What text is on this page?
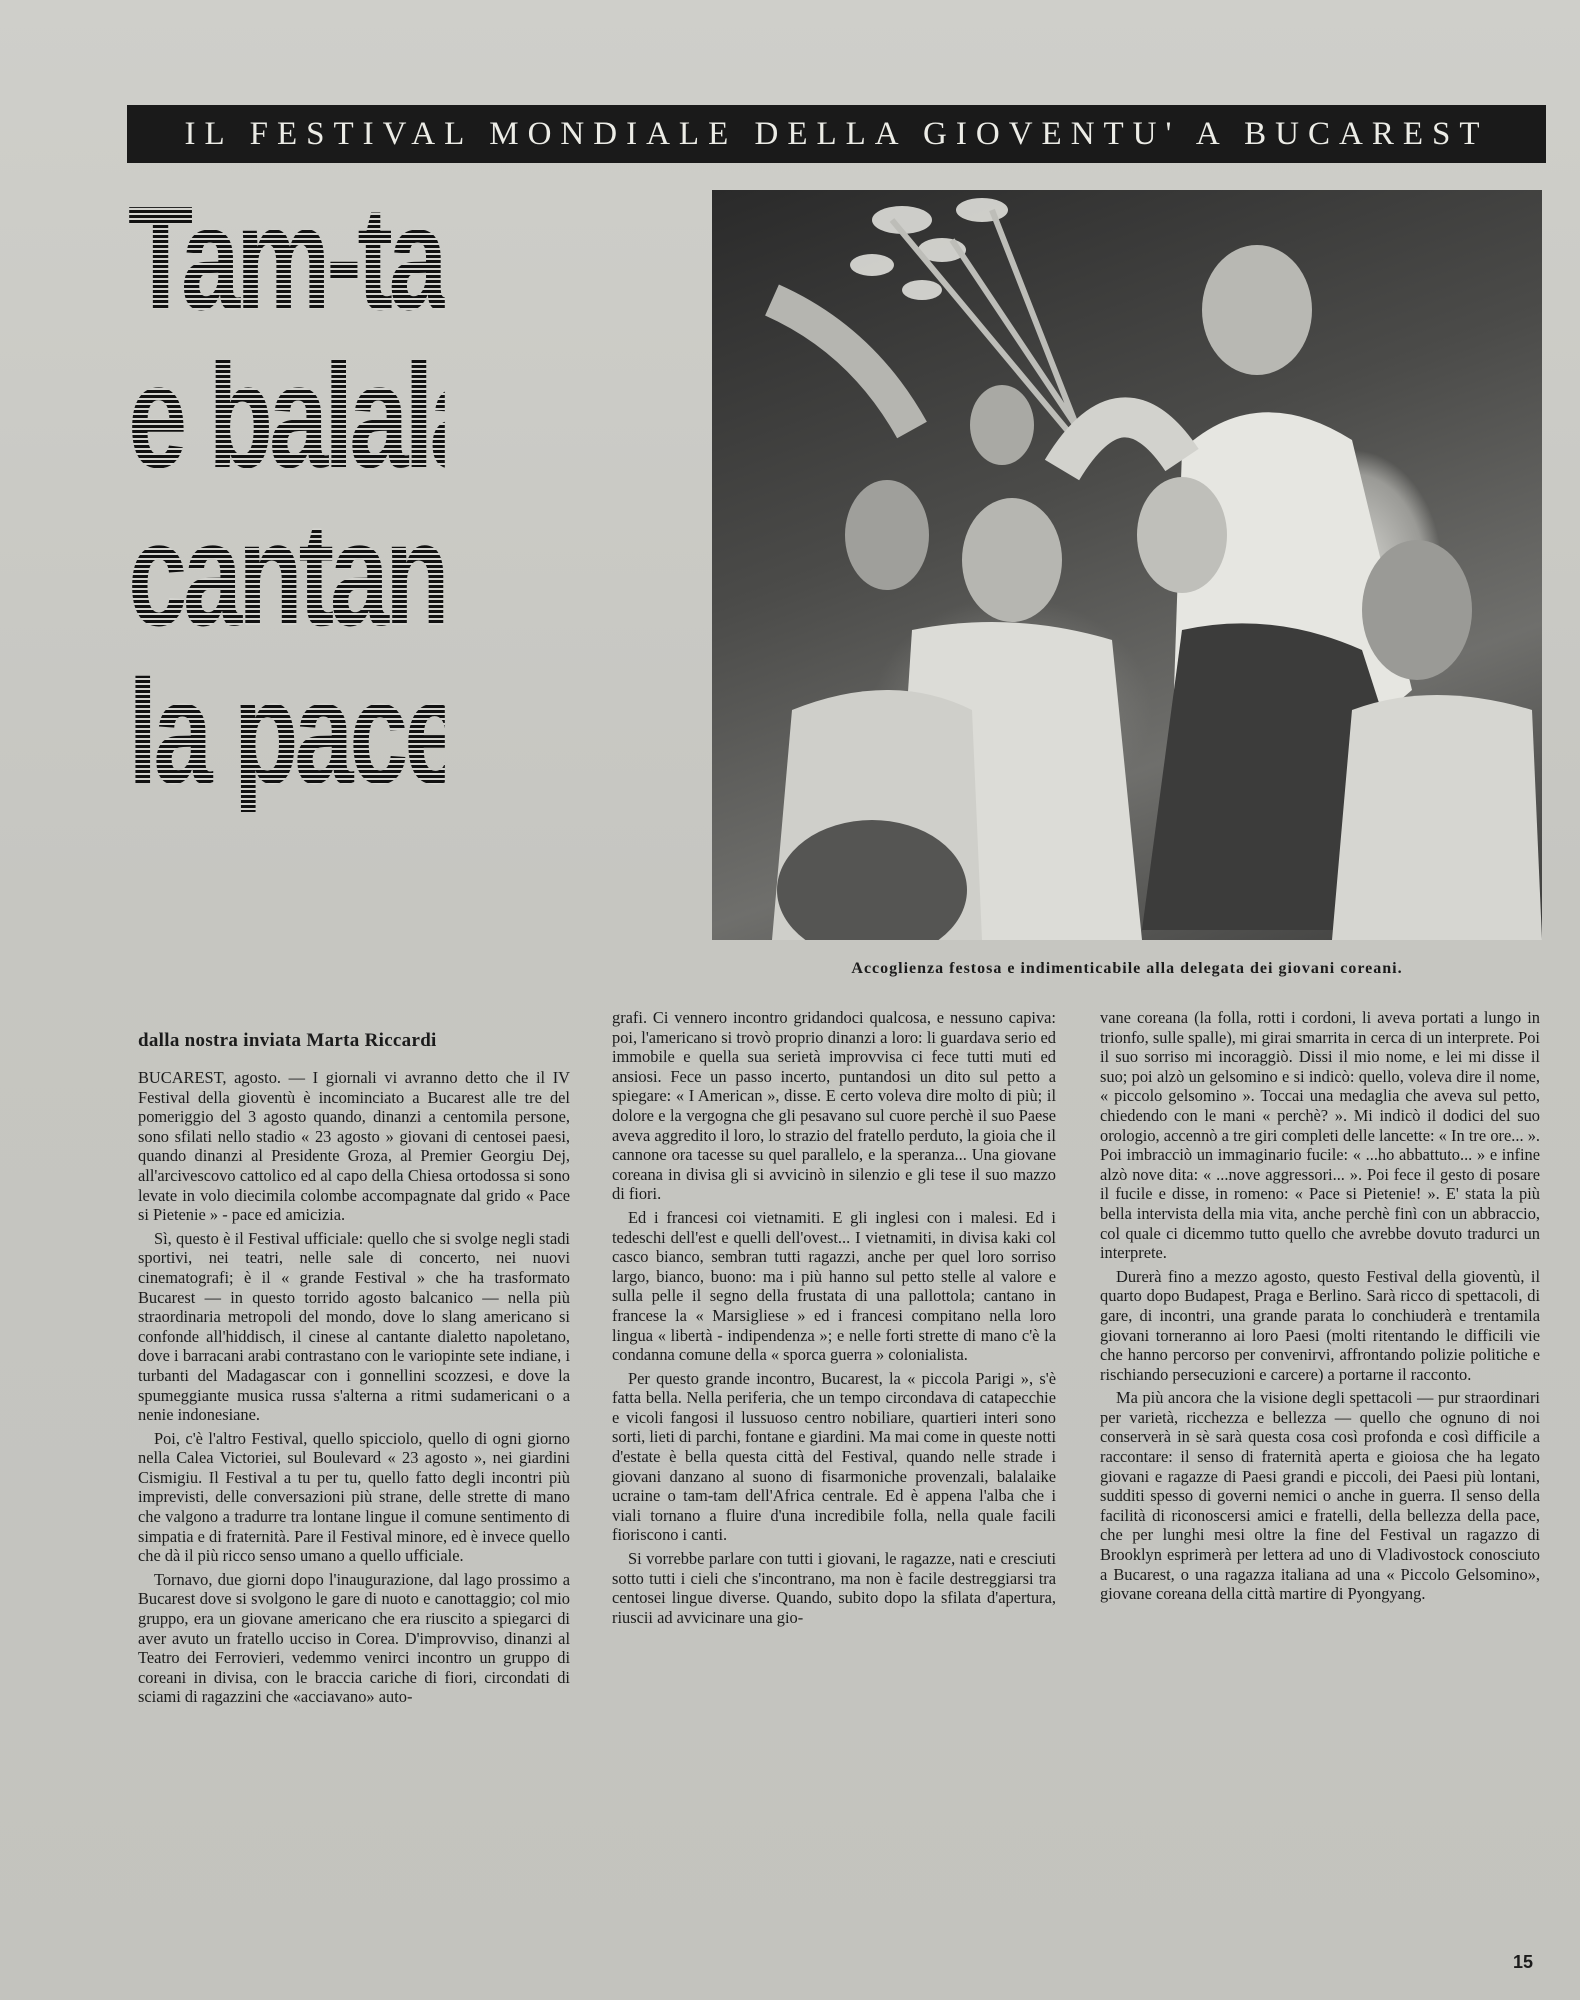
IL FESTIVAL MONDIALE DELLA GIOVENTU' A BUCAREST
Tam-tam
e balalaike
cantano
la pace
Accoglienza festosa e indimenticabile alla delegata dei giovani coreani.
dalla nostra inviata Marta Riccardi

BUCAREST, agosto. — I giornali vi avranno detto che il IV Festival della gioventù è incominciato a Bucarest alle tre del pomeriggio del 3 agosto quando, dinanzi a centomila persone, sono sfilati nello stadio « 23 agosto » giovani di centosei paesi, quando dinanzi al Presidente Groza, al Premier Georgiu Dej, all'arcivescovo cattolico ed al capo della Chiesa ortodossa si sono levate in volo diecimila colombe accompagnate dal grido « Pace si Pietenie » - pace ed amicizia.

Sì, questo è il Festival ufficiale: quello che si svolge negli stadi sportivi, nei teatri, nelle sale di concerto, nei nuovi cinematografi; è il « grande Festival » che ha trasformato Bucarest — in questo torrido agosto balcanico — nella più straordinaria metropoli del mondo, dove lo slang americano si confonde all'hiddisch, il cinese al cantante dialetto napoletano, dove i barracani arabi contrastano con le variopinte sete indiane, i turbanti del Madagascar con i gonnellini scozzesi, e dove la spumeggiante musica russa s'alterna a ritmi sudamericani o a nenie indonesiane.

Poi, c'è l'altro Festival, quello spicciolo, quello di ogni giorno nella Calea Victoriei, sul Boulevard « 23 agosto », nei giardini Cismigiu. Il Festival a tu per tu, quello fatto degli incontri più imprevisti, delle conversazioni più strane, delle strette di mano che valgono a tradurre tra lontane lingue il comune sentimento di simpatia e di fraternità. Pare il Festival minore, ed è invece quello che dà il più ricco senso umano a quello ufficiale.

Tornavo, due giorni dopo l'inaugurazione, dal lago prossimo a Bucarest dove si svolgono le gare di nuoto e canottaggio; col mio gruppo, era un giovane americano che era riuscito a spiegarci di aver avuto un fratello ucciso in Corea. D'improvviso, dinanzi al Teatro dei Ferrovieri, vedemmo venirci incontro un gruppo di coreani in divisa, con le braccia cariche di fiori, circondati di sciami di ragazzini che «acciavano» auto-

grafi. Ci vennero incontro gridandoci qualcosa, e nessuno capiva: poi, l'americano si trovò proprio dinanzi a loro: li guardava serio ed immobile e quella sua serietà improvvisa ci fece tutti muti ed ansiosi. Fece un passo incerto, puntandosi un dito sul petto a spiegare: « I American », disse. E certo voleva dire molto di più; il dolore e la vergogna che gli pesavano sul cuore perchè il suo Paese aveva aggredito il loro, lo strazio del fratello perduto, la gioia che il cannone ora tacesse su quel parallelo, e la speranza... Una giovane coreana in divisa gli si avvicinò in silenzio e gli tese il suo mazzo di fiori.

Ed i francesi coi vietnamiti. E gli inglesi con i malesi. Ed i tedeschi dell'est e quelli dell'ovest... I vietnamiti, in divisa kaki col casco bianco, sembran tutti ragazzi, anche per quel loro sorriso largo, bianco, buono: ma i più hanno sul petto stelle al valore e sulla pelle il segno della frustata di una pallottola; cantano in francese la « Marsigliese » ed i francesi compitano nella loro lingua « libertà - indipendenza »; e nelle forti strette di mano c'è la condanna comune della « sporca guerra » colonialista.

Per questo grande incontro, Bucarest, la « piccola Parigi », s'è fatta bella. Nella periferia, che un tempo circondava di catapecchie e vicoli fangosi il lussuoso centro nobiliare, quartieri interi sono sorti, lieti di parchi, fontane e giardini. Ma mai come in queste notti d'estate è bella questa città del Festival, quando nelle strade i giovani danzano al suono di fisarmoniche provenzali, balalaike ucraine o tam-tam dell'Africa centrale. Ed è appena l'alba che i viali tornano a fluire d'una incredibile folla, nella quale facili fioriscono i canti.

Si vorrebbe parlare con tutti i giovani, le ragazze, nati e cresciuti sotto tutti i cieli che s'incontrano, ma non è facile destreggiarsi tra centosei lingue diverse. Quando, subito dopo la sfilata d'apertura, riuscii ad avvicinare una gio-

vane coreana (la folla, rotti i cordoni, li aveva portati a lungo in trionfo, sulle spalle), mi girai smarrita in cerca di un interprete. Poi il suo sorriso mi incoraggiò. Dissi il mio nome, e lei mi disse il suo; poi alzò un gelsomino e si indicò: quello, voleva dire il nome, « piccolo gelsomino ». Toccai una medaglia che aveva sul petto, chiedendo con le mani « perchè? ». Mi indicò il dodici del suo orologio, accennò a tre giri completi delle lancette: « In tre ore... ». Poi imbracciò un immaginario fucile: « ...ho abbattuto... » e infine alzò nove dita: « ...nove aggressori... ». Poi fece il gesto di posare il fucile e disse, in romeno: « Pace si Pietenie! ». E' stata la più bella intervista della mia vita, anche perchè finì con un abbraccio, col quale ci dicemmo tutto quello che avrebbe dovuto tradurci un interprete.

Durerà fino a mezzo agosto, questo Festival della gioventù, il quarto dopo Budapest, Praga e Berlino. Sarà ricco di spettacoli, di gare, di incontri, una grande parata lo conchiuderà e trentamila giovani torneranno ai loro Paesi (molti ritentando le difficili vie che hanno percorso per convenirvi, affrontando polizie politiche e rischiando persecuzioni e carcere) a portarne il racconto.

Ma più ancora che la visione degli spettacoli — pur straordinari per varietà, ricchezza e bellezza — quello che ognuno di noi conserverà in sè sarà questa cosa così profonda e così difficile a raccontare: il senso di fraternità aperta e gioiosa che ha legato giovani e ragazze di Paesi grandi e piccoli, dei Paesi più lontani, sudditi spesso di governi nemici o anche in guerra. Il senso della facilità di riconoscersi amici e fratelli, della bellezza della pace, che per lunghi mesi oltre la fine del Festival un ragazzo di Brooklyn esprimerà per lettera ad uno di Vladivostock conosciuto a Bucarest, o una ragazza italiana ad una « Piccolo Gelsomino», giovane coreana della città martire di Pyongyang.

15
